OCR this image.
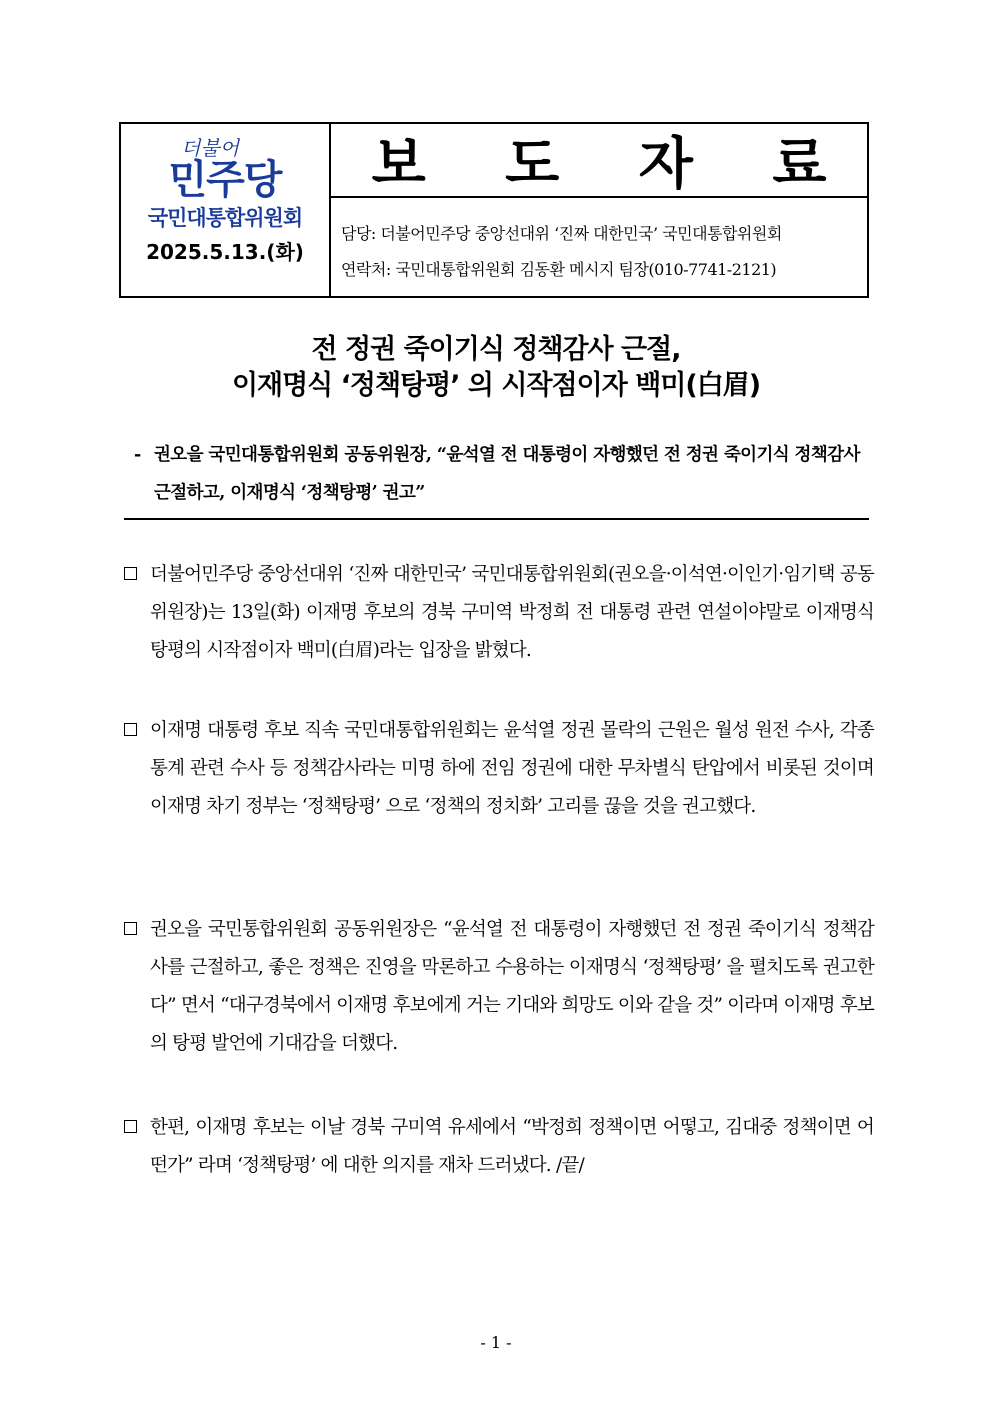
더불어
민주당
국민대통합위원회
2025.5.13.(화)
보 도 자 료
담당: 더불어민주당 중앙선대위 ‘진짜 대한민국’ 국민대통합위원회
연락처: 국민대통합위원회 김동환 메시지 팀장(010-7741-2121)
전 정권 죽이기식 정책감사 근절,
이재명식 ‘정책탕평’ 의 시작점이자 백미(白眉)
- 권오을 국민대통합위원회 공동위원장, “윤석열 전 대통령이 자행했던 전 정권 죽이기식 정책감사 근절하고, 이재명식 ‘정책탕평’ 권고”
더불어민주당 중앙선대위 ‘진짜 대한민국’ 국민대통합위원회(권오을·이석연·이인기·임기택 공동위원장)는 13일(화) 이재명 후보의 경북 구미역 박정희 전 대통령 관련 연설이야말로 이재명식 탕평의 시작점이자 백미(白眉)라는 입장을 밝혔다.
이재명 대통령 후보 직속 국민대통합위원회는 윤석열 정권 몰락의 근원은 월성 원전 수사, 각종 통계 관련 수사 등 정책감사라는 미명 하에 전임 정권에 대한 무차별식 탄압에서 비롯된 것이며 이재명 차기 정부는 ‘정책탕평’ 으로 ‘정책의 정치화’ 고리를 끊을 것을 권고했다.
권오을 국민통합위원회 공동위원장은 “윤석열 전 대통령이 자행했던 전 정권 죽이기식 정책감사를 근절하고, 좋은 정책은 진영을 막론하고 수용하는 이재명식 ‘정책탕평’ 을 펼치도록 권고한다” 면서 “대구경북에서 이재명 후보에게 거는 기대와 희망도 이와 같을 것” 이라며 이재명 후보의 탕평 발언에 기대감을 더했다.
한편, 이재명 후보는 이날 경북 구미역 유세에서 “박정희 정책이면 어떻고, 김대중 정책이면 어떤가” 라며 ‘정책탕평’ 에 대한 의지를 재차 드러냈다. /끝/
- 1 -
